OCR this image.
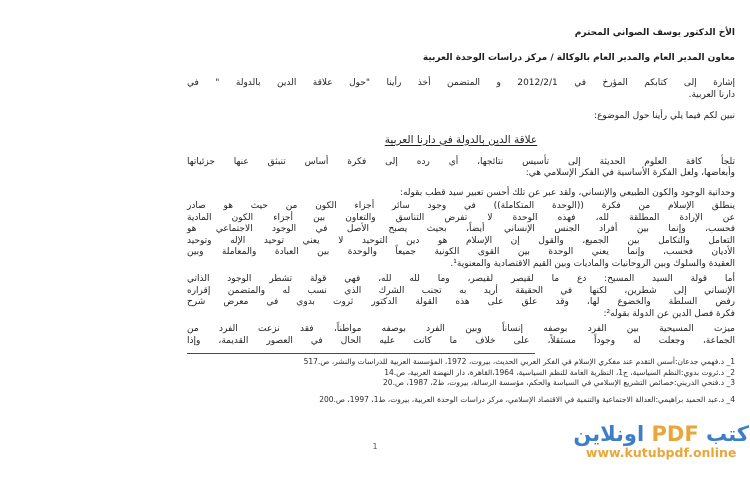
الأخ الدكتور يوسف الصواني المحترم
معاون المدير العام والمدير العام بالوكالة / مركز دراسات الوحدة العربية
إشارة إلى كتابكم المؤرخ في 2012/2/1 و المتضمن أخذ رأينا "حول علاقة الدين بالدولة " في
دارنا العربية.
نبين لكم فيما يلي رأينا حول الموضوع:
علاقة الدين بالدولة في دارنا العربية
تلجأ كافة العلوم الحديثة إلى تأسيس نتائجها، أي رده إلى فكرة أساس تنبثق عنها جزئياتها
وأبعاضها، ولعل الفكرة الأساسية في الفكر الإسلامي هي:
وحدانية الوجود والكون الطبيعي والإنساني، ولقد عبر عن تلك أحسن تعبير سيد قطب بقوله:
ينطلق الإسلام من فكرة ((الوحدة المتكاملة)) في وجود سائر أجزاء الكون من حيث هو صادر
عن الإرادة المطلقة لله، فهذه الوحدة لا تفرض التناسق والتعاون بين أجزاء الكون المادية
فحسب، وإنما بين أفراد الجنس الإنساني أيضاً، بحيث يصبح الأصل في الوجود الاجتماعي هو
التعامل والتكامل بين الجميع، والقول إن الإسلام هو دين التوحيد لا يعني توحيد الإله وتوحيد
الأديان فحسب، وإنما يعني الوحدة بين القوى الكونية جميعاً والوحدة بين العبادة والمعاملة وبين
العقيدة والسلوك وبين الروحانيات والماديات وبين القيم الاقتصادية والمعنوية¹.
أما قولة السيد المسيح: دع ما لقيصر لقيصر، وما لله لله، فهي قولة تشطر الوجود الذاتي
الإنساني إلى شطرين، لكنها في الحقيقة أريد به تجنب الشرك الذي نسب له والمتضمن إقراره
رفض السلطة والخضوع لها، وقد علق على هذه القولة الدكتور ثروت بدوي في معرض شرح
فكرة فصل الدين عن الدولة بقوله²:
ميزت المسيحية بين الفرد بوصفه إنساناً وبين الفرد بوصفه مواطناً، فقد نزعت الفرد من
الجماعة، وجعلت له وجوداً مستقلاً، على خلاف ما كانت عليه الحال في العصور القديمة، وإذا
1_ د.فهمي جدعان:أسس التقدم عند مفكري الإسلام في الفكر العربي الحديث، بيروت، 1972، المؤسسة العربية للدراسات والنشر، ص.517
2_ د.ثروت بدوي:النظم السياسية، ج1، النظرية العامة للنظم السياسية، 1964،القاهرة، دار النهضة العربية، ص.14
3_ د.فتحي الدريني:خصائص التشريع الإسلامي في السياسة والحكم، مؤسسة الرسالة، بيروت، ط2، 1987، ص.20
4_ د.عبد الحميد براهيمي:العدالة الاجتماعية والتنمية في الاقتصاد الإسلامي، مركز دراسات الوحدة العربية، بيروت، ط1، 1997، ص.200
1
كتب PDF اونلاين
www.kutubpdf.online
